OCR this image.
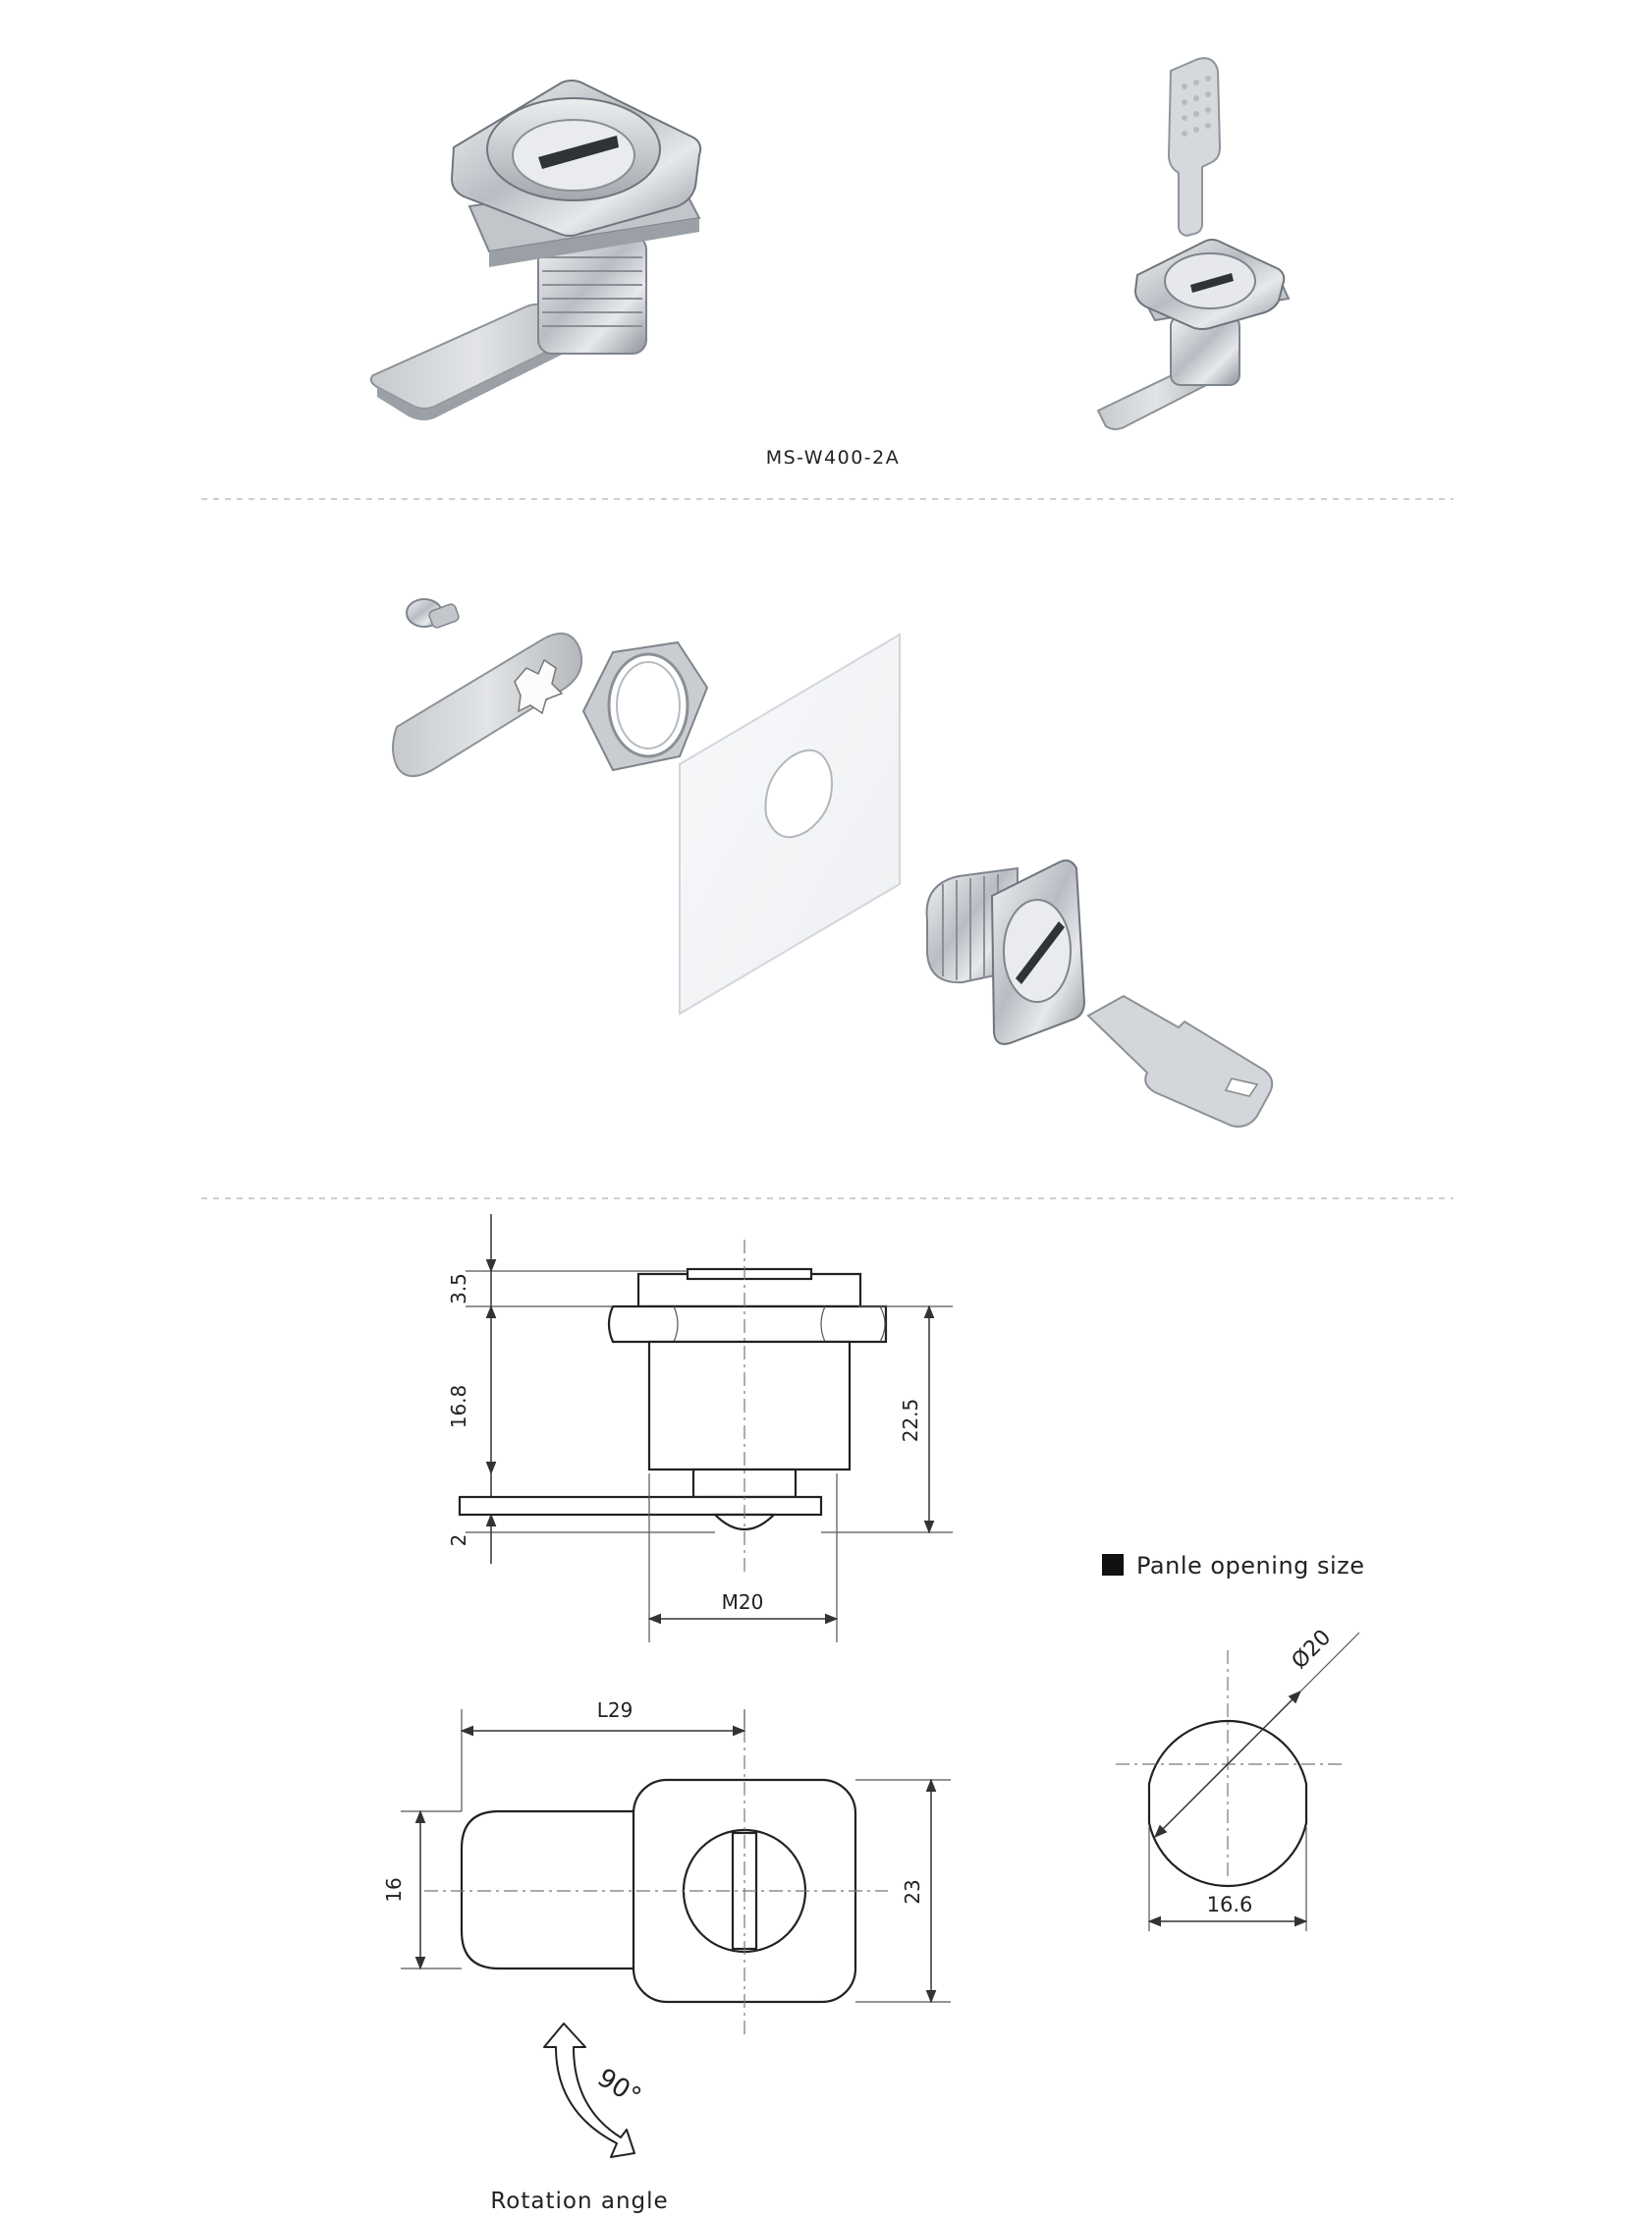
MS-W400-2A
3.5
16.8
2
22.5
M20
L29
16	23
90°
Rotation angle
Panle opening size
Ø20
16.6
